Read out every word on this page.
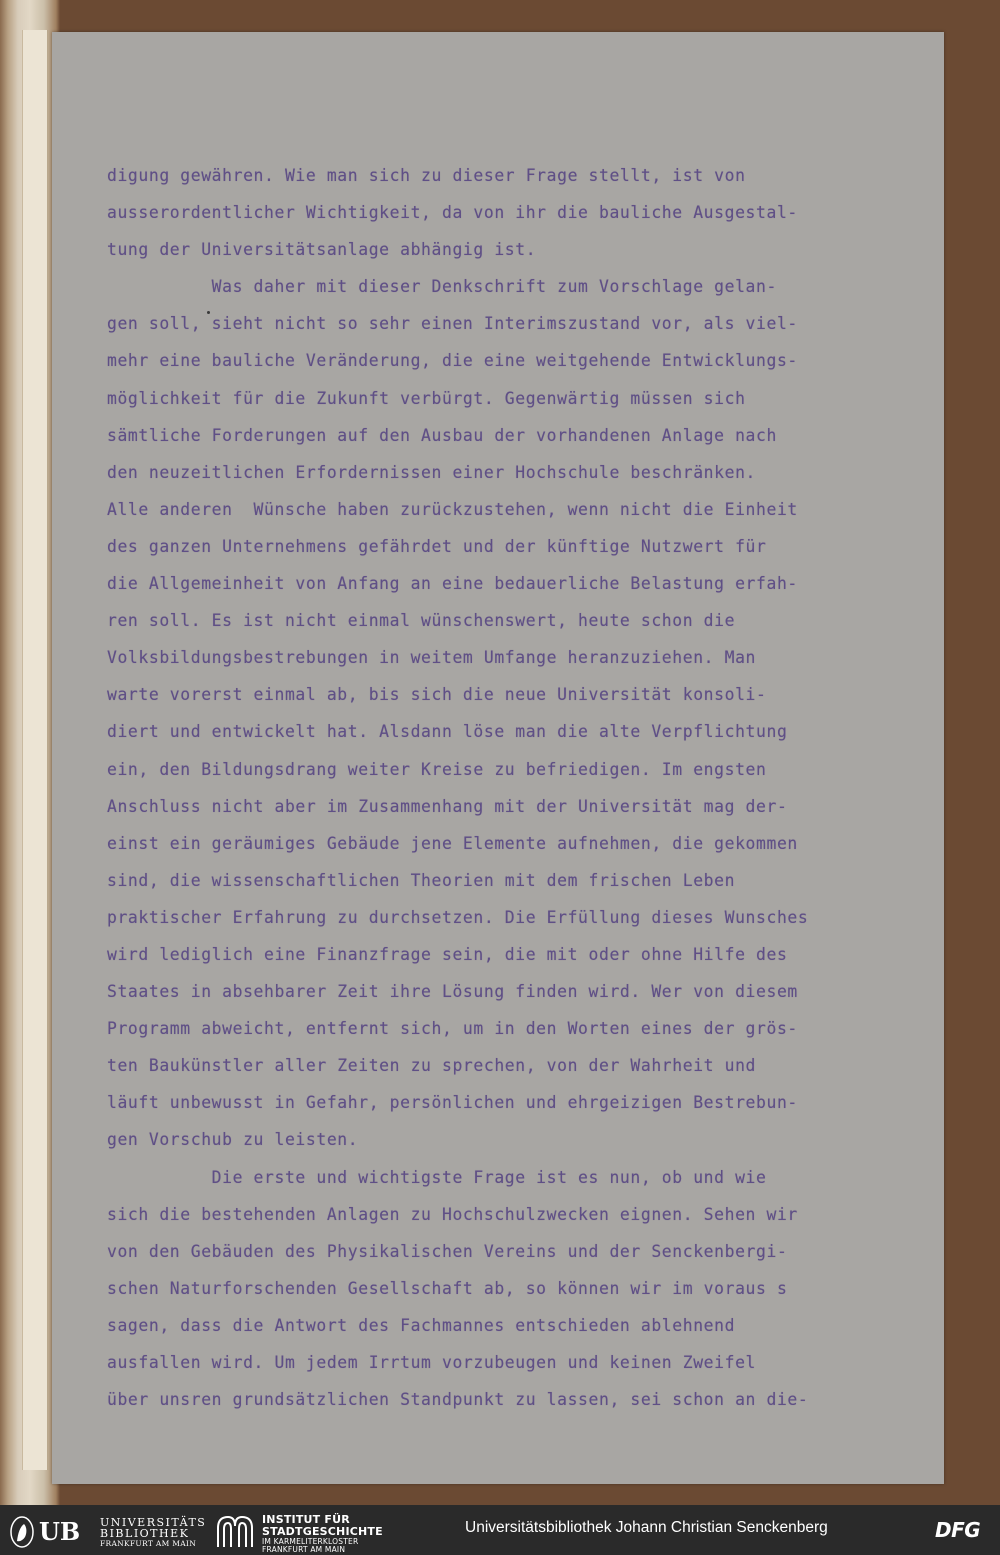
digung gewähren. Wie man sich zu dieser Frage stellt, ist von
ausserordentlicher Wichtigkeit, da von ihr die bauliche Ausgestal-
tung der Universitätsanlage abhängig ist.
Was daher mit dieser Denkschrift zum Vorschlage gelan-
gen soll, sieht nicht so sehr einen Interimszustand vor, als viel-
mehr eine bauliche Veränderung, die eine weitgehende Entwicklungs-
möglichkeit für die Zukunft verbürgt. Gegenwärtig müssen sich
sämtliche Forderungen auf den Ausbau der vorhandenen Anlage nach
den neuzeitlichen Erfordernissen einer Hochschule beschränken.
Alle anderen  Wünsche haben zurückzustehen, wenn nicht die Einheit
des ganzen Unternehmens gefährdet und der künftige Nutzwert für
die Allgemeinheit von Anfang an eine bedauerliche Belastung erfah-
ren soll. Es ist nicht einmal wünschenswert, heute schon die
Volksbildungsbestrebungen in weitem Umfange heranzuziehen. Man
warte vorerst einmal ab, bis sich die neue Universität konsoli-
diert und entwickelt hat. Alsdann löse man die alte Verpflichtung
ein, den Bildungsdrang weiter Kreise zu befriedigen. Im engsten
Anschluss nicht aber im Zusammenhang mit der Universität mag der-
einst ein geräumiges Gebäude jene Elemente aufnehmen, die gekommen
sind, die wissenschaftlichen Theorien mit dem frischen Leben
praktischer Erfahrung zu durchsetzen. Die Erfüllung dieses Wunsches
wird lediglich eine Finanzfrage sein, die mit oder ohne Hilfe des
Staates in absehbarer Zeit ihre Lösung finden wird. Wer von diesem
Programm abweicht, entfernt sich, um in den Worten eines der grös-
ten Baukünstler aller Zeiten zu sprechen, von der Wahrheit und
läuft unbewusst in Gefahr, persönlichen und ehrgeizigen Bestrebun-
gen Vorschub zu leisten.
Die erste und wichtigste Frage ist es nun, ob und wie
sich die bestehenden Anlagen zu Hochschulzwecken eignen. Sehen wir
von den Gebäuden des Physikalischen Vereins und der Senckenbergi-
schen Naturforschenden Gesellschaft ab, so können wir im voraus s
sagen, dass die Antwort des Fachmannes entschieden ablehnend
ausfallen wird. Um jedem Irrtum vorzubeugen und keinen Zweifel
über unsren grundsätzlichen Standpunkt zu lassen, sei schon an die-
UB	UNIVERSITÄTS
BIBLIOTHEK
FRANKFURT AM MAIN
INSTITUT FÜR
STADTGESCHICHTE
IM KARMELITERKLOSTER
FRANKFURT AM MAIN
Universitätsbibliothek Johann Christian Senckenberg	DFG
